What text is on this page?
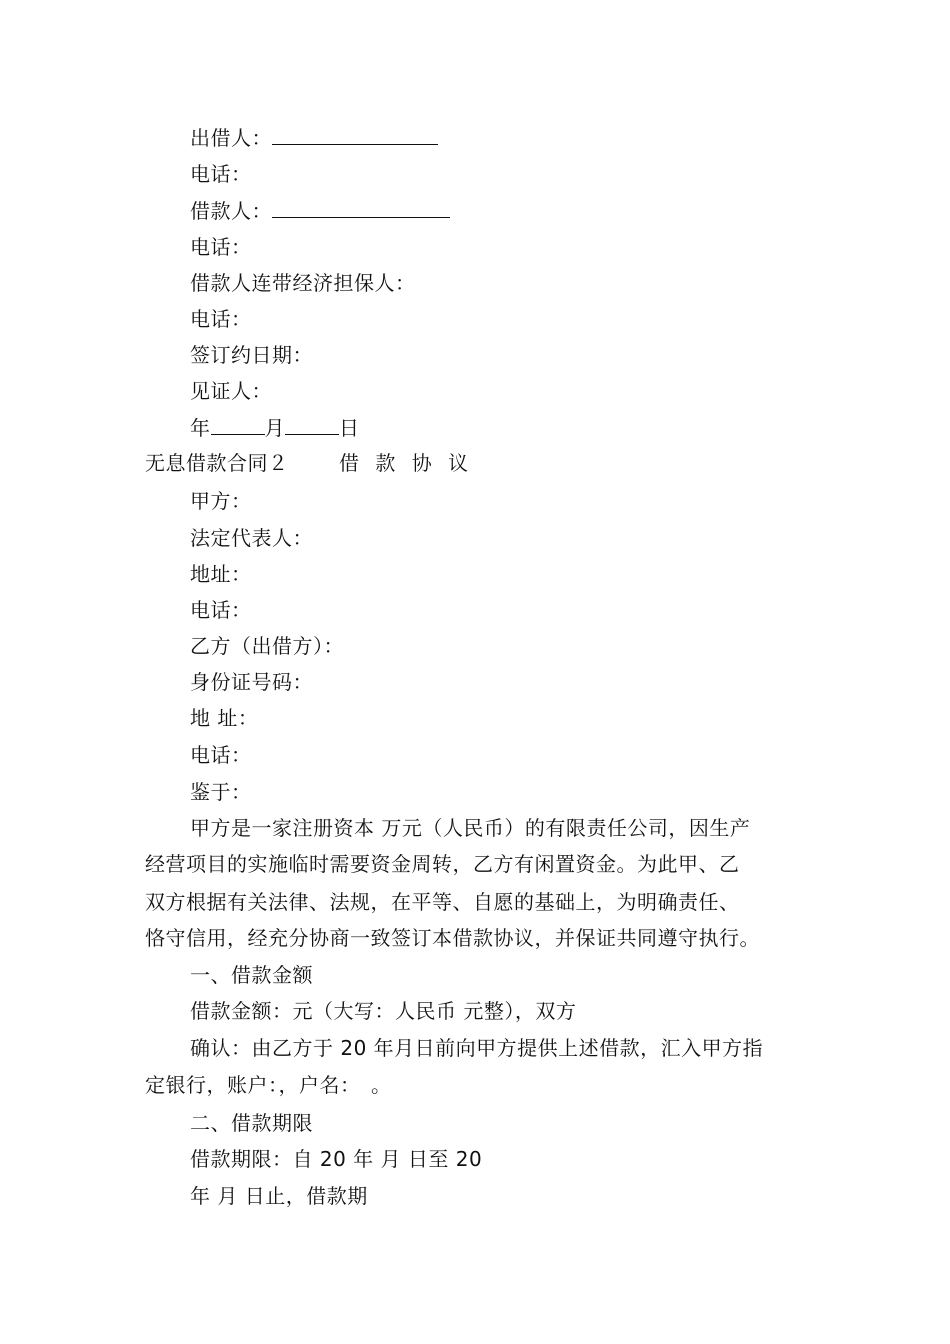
出借人：
电话：
借款人：
电话：
借款人连带经济担保人：
电话：
签订约日期：
见证人：
年	月	日
无息借款合同２	借 款 协 议
甲方：
法定代表人：
地址：
电话：
乙方（出借方）：
身份证号码：
地 址：
电话：
鉴于：
甲方是一家注册资本 万元（人民币）的有限责任公司，因生产
经营项目的实施临时需要资金周转，乙方有闲置资金。为此甲、乙
双方根据有关法律、法规，在平等、自愿的基础上，为明确责任、
恪守信用，经充分协商一致签订本借款协议，并保证共同遵守执行。
一、借款金额
借款金额：元（大写：人民币 元整），双方
确认：由乙方于 20 年月日前向甲方提供上述借款，汇入甲方指
定银行，账户：，户名：　。
二、借款期限
借款期限：自 20 年 月 日至 20
年 月 日止，借款期
